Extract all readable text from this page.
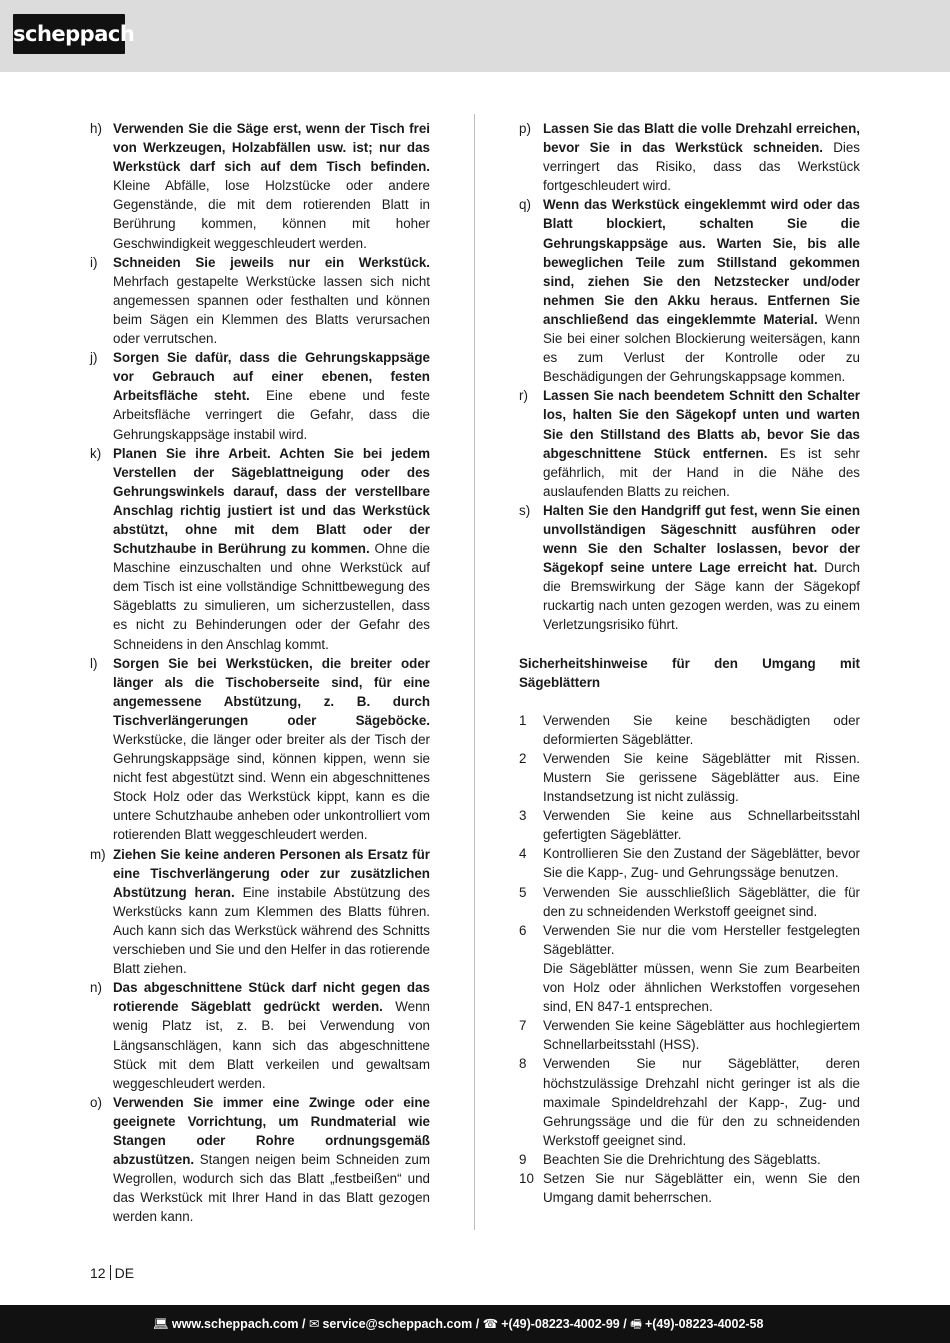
scheppach
h) Verwenden Sie die Säge erst, wenn der Tisch frei von Werkzeugen, Holzabfällen usw. ist; nur das Werkstück darf sich auf dem Tisch befinden. Kleine Abfälle, lose Holzstücke oder andere Gegenstände, die mit dem rotierenden Blatt in Berührung kommen, können mit hoher Geschwindigkeit weggeschleudert werden.
i)	Schneiden Sie jeweils nur ein Werkstück. Mehrfach gestapelte Werkstücke lassen sich nicht angemessen spannen oder festhalten und können beim Sägen ein Klemmen des Blatts verursachen oder verrutschen.
j)	Sorgen Sie dafür, dass die Gehrungskappsäge vor Gebrauch auf einer ebenen, festen Arbeitsfläche steht. Eine ebene und feste Arbeitsfläche verringert die Gefahr, dass die Gehrungskappsäge instabil wird.
k) Planen Sie ihre Arbeit. Achten Sie bei jedem Verstellen der Sägeblattneigung oder des Gehrungswinkels darauf, dass der verstellbare Anschlag richtig justiert ist und das Werkstück abstützt, ohne mit dem Blatt oder der Schutzhaube in Berührung zu kommen. Ohne die Maschine einzuschalten und ohne Werkstück auf dem Tisch ist eine vollständige Schnittbewegung des Sägeblatts zu simulieren, um sicherzustellen, dass es nicht zu Behinderungen oder der Gefahr des Schneidens in den Anschlag kommt.
l)	Sorgen Sie bei Werkstücken, die breiter oder länger als die Tischoberseite sind, für eine angemessene Abstützung, z. B. durch Tischverlängerungen oder Sägeböcke. Werkstücke, die länger oder breiter als der Tisch der Gehrungskappsäge sind, können kippen, wenn sie nicht fest abgestützt sind. Wenn ein abgeschnittenes Stock Holz oder das Werkstück kippt, kann es die untere Schutzhaube anheben oder unkontrolliert vom rotierenden Blatt weggeschleudert werden.
m) Ziehen Sie keine anderen Personen als Ersatz für eine Tischverlängerung oder zur zusätzlichen Abstützung heran. Eine instabile Abstützung des Werkstücks kann zum Klemmen des Blatts führen. Auch kann sich das Werkstück während des Schnitts verschieben und Sie und den Helfer in das rotierende Blatt ziehen.
n) Das abgeschnittene Stück darf nicht gegen das rotierende Sägeblatt gedrückt werden. Wenn wenig Platz ist, z. B. bei Verwendung von Längsanschlägen, kann sich das abgeschnittene Stück mit dem Blatt verkeilen und gewaltsam weggeschleudert werden.
o) Verwenden Sie immer eine Zwinge oder eine geeignete Vorrichtung, um Rundmaterial wie Stangen oder Rohre ordnungsgemäß abzustützen. Stangen neigen beim Schneiden zum Wegrollen, wodurch sich das Blatt „festbeißen“ und das Werkstück mit Ihrer Hand in das Blatt gezogen werden kann.
p) Lassen Sie das Blatt die volle Drehzahl erreichen, bevor Sie in das Werkstück schneiden. Dies verringert das Risiko, dass das Werkstück fortgeschleudert wird.
q) Wenn das Werkstück eingeklemmt wird oder das Blatt blockiert, schalten Sie die Gehrungskappsäge aus. Warten Sie, bis alle beweglichen Teile zum Stillstand gekommen sind, ziehen Sie den Netzstecker und/oder nehmen Sie den Akku heraus. Entfernen Sie anschließend das eingeklemmte Material. Wenn Sie bei einer solchen Blockierung weitersägen, kann es zum Verlust der Kontrolle oder zu Beschädigungen der Gehrungskappsage kommen.
r)	Lassen Sie nach beendetem Schnitt den Schalter los, halten Sie den Sägekopf unten und warten Sie den Stillstand des Blatts ab, bevor Sie das abgeschnittene Stück entfernen. Es ist sehr gefährlich, mit der Hand in die Nähe des auslaufenden Blatts zu reichen.
s) Halten Sie den Handgriff gut fest, wenn Sie einen unvollständigen Sägeschnitt ausführen oder wenn Sie den Schalter loslassen, bevor der Sägekopf seine untere Lage erreicht hat. Durch die Bremswirkung der Säge kann der Sägekopf ruckartig nach unten gezogen werden, was zu einem Verletzungsrisiko führt.
Sicherheitshinweise für den Umgang mit Sägeblättern
1	Verwenden Sie keine beschädigten oder deformierten Sägeblätter.
2	Verwenden Sie keine Sägeblätter mit Rissen. Mustern Sie gerissene Sägeblätter aus. Eine Instandsetzung ist nicht zulässig.
3	Verwenden Sie keine aus Schnellarbeitsstahl gefertigten Sägeblätter.
4	Kontrollieren Sie den Zustand der Sägeblätter, bevor Sie die Kapp-, Zug- und Gehrungssäge benutzen.
5	Verwenden Sie ausschließlich Sägeblätter, die für den zu schneidenden Werkstoff geeignet sind.
6	Verwenden Sie nur die vom Hersteller festgelegten Sägeblätter.
Die Sägeblätter müssen, wenn Sie zum Bearbeiten von Holz oder ähnlichen Werkstoffen vorgesehen sind, EN 847-1 entsprechen.
7	Verwenden Sie keine Sägeblätter aus hochlegiertem Schnellarbeitsstahl (HSS).
8	Verwenden Sie nur Sägeblätter, deren höchstzulässige Drehzahl nicht geringer ist als die maximale Spindeldrehzahl der Kapp-, Zug- und Gehrungssäge und die für den zu schneidenden Werkstoff geeignet sind.
9	Beachten Sie die Drehrichtung des Sägeblatts.
10 Setzen Sie nur Sägeblätter ein, wenn Sie den Umgang damit beherrschen.
12 DE
💻︎ www.scheppach.com / ✉︎ service@scheppach.com / ☎︎ +(49)-08223-4002-99 / 🖷︎ +(49)-08223-4002-58
